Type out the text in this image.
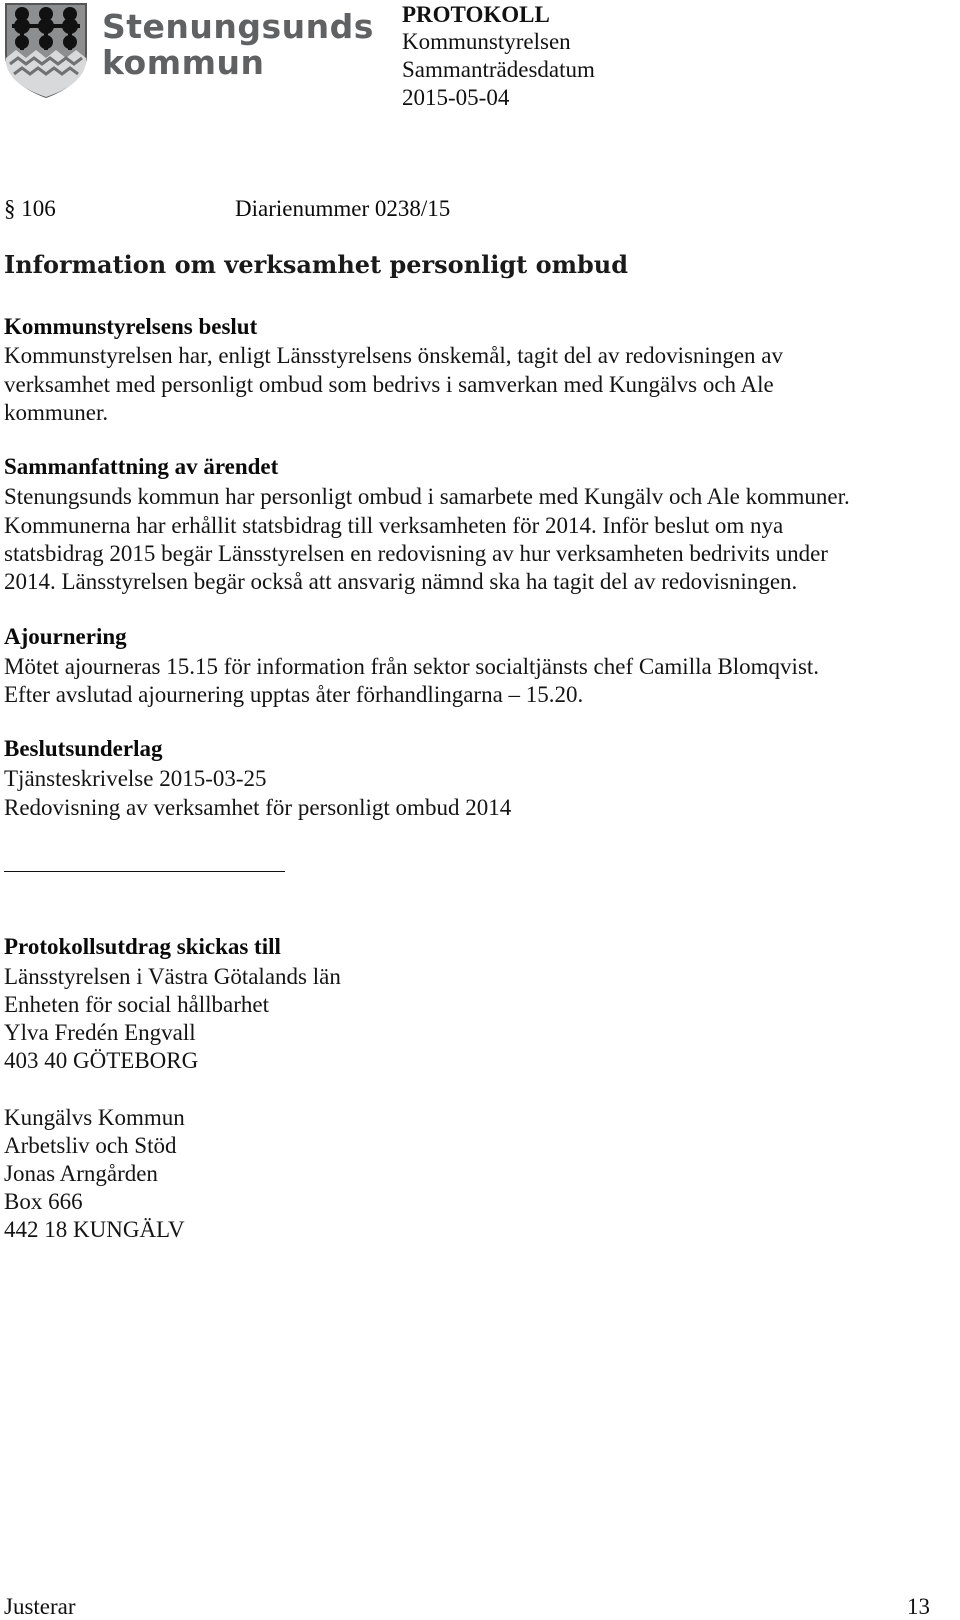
Stenungsunds
kommun
PROTOKOLL
Kommunstyrelsen
Sammanträdesdatum
2015-05-04
§ 106	Diarienummer 0238/15
Information om verksamhet personligt ombud
Kommunstyrelsens beslut
Kommunstyrelsen har, enligt Länsstyrelsens önskemål, tagit del av redovisningen av
verksamhet med personligt ombud som bedrivs i samverkan med Kungälvs och Ale
kommuner.
Sammanfattning av ärendet
Stenungsunds kommun har personligt ombud i samarbete med Kungälv och Ale kommuner.
Kommunerna har erhållit statsbidrag till verksamheten för 2014. Inför beslut om nya
statsbidrag 2015 begär Länsstyrelsen en redovisning av hur verksamheten bedrivits under
2014. Länsstyrelsen begär också att ansvarig nämnd ska ha tagit del av redovisningen.
Ajournering
Mötet ajourneras 15.15 för information från sektor socialtjänsts chef Camilla Blomqvist.
Efter avslutad ajournering upptas åter förhandlingarna – 15.20.
Beslutsunderlag
Tjänsteskrivelse 2015-03-25
Redovisning av verksamhet för personligt ombud 2014
Protokollsutdrag skickas till
Länsstyrelsen i Västra Götalands län
Enheten för social hållbarhet
Ylva Fredén Engvall
403 40 GÖTEBORG
Kungälvs Kommun
Arbetsliv och Stöd
Jonas Arngården
Box 666
442 18 KUNGÄLV
Justerar	13
